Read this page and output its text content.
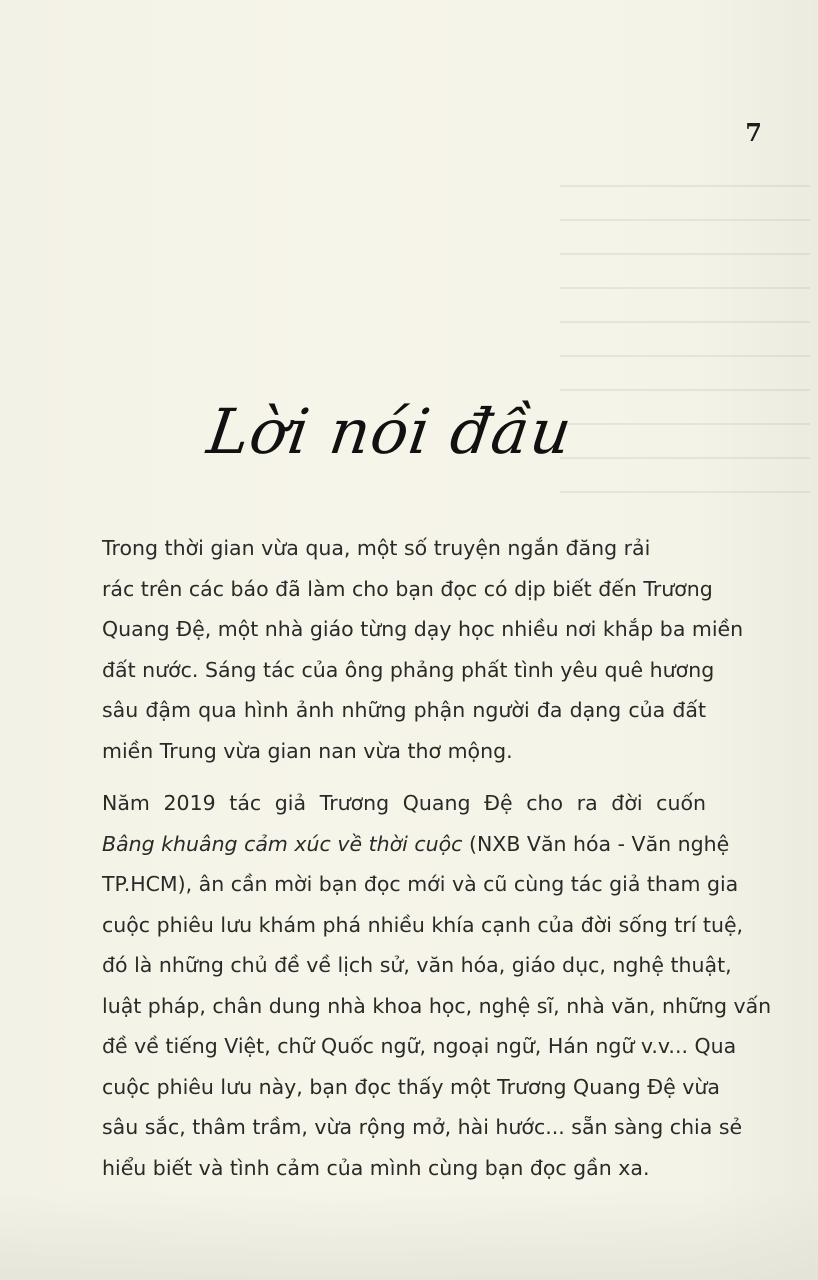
7
Lời nói đầu

Trong thời gian vừa qua, một số truyện ngắn đăng rải
rác trên các báo đã làm cho bạn đọc có dịp biết đến Trương
Quang Đệ, một nhà giáo từng dạy học nhiều nơi khắp ba miền
đất nước. Sáng tác của ông phảng phất tình yêu quê hương
sâu đậm qua hình ảnh những phận người đa dạng của đất
miền Trung vừa gian nan vừa thơ mộng.

Năm 2019 tác giả Trương Quang Đệ cho ra đời cuốn
Bâng khuâng cảm xúc về thời cuộc (NXB Văn hóa - Văn nghệ
TP.HCM), ân cần mời bạn đọc mới và cũ cùng tác giả tham gia
cuộc phiêu lưu khám phá nhiều khía cạnh của đời sống trí tuệ,
đó là những chủ đề về lịch sử, văn hóa, giáo dục, nghệ thuật,
luật pháp, chân dung nhà khoa học, nghệ sĩ, nhà văn, những vấn
đề về tiếng Việt, chữ Quốc ngữ, ngoại ngữ, Hán ngữ v.v... Qua
cuộc phiêu lưu này, bạn đọc thấy một Trương Quang Đệ vừa
sâu sắc, thâm trầm, vừa rộng mở, hài hước... sẵn sàng chia sẻ
hiểu biết và tình cảm của mình cùng bạn đọc gần xa.
